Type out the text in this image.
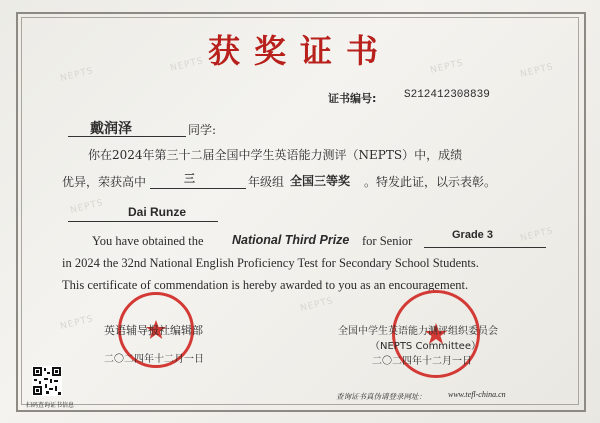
NEPTS
NEPTS	NEPTS	NEPTS
NEPTS
NEPTS
NEPTS
NEPTS
获奖证书
证书编号:	S212412308839
戴润泽	同学:
你在2024年第三十二届全国中学生英语能力测评（NEPTS）中，成绩
优异，荣获高中	三	年级组 全国三等奖 。特发此证，以示表彰。
Dai Runze
You have obtained the National Third Prize for Senior	Grade 3
in 2024 the 32nd National English Proficiency Test for Secondary School Students.
This certificate of commendation is hereby awarded to you as an encouragement.
英语辅导报社编辑部
二〇二四年十二月一日
全国中学生英语能力测评组织委员会
（NEPTS Committee）
二〇二四年十二月一日
扫码查询证书信息
查询证书真伪请登录网址：	www.tefl-china.cn
